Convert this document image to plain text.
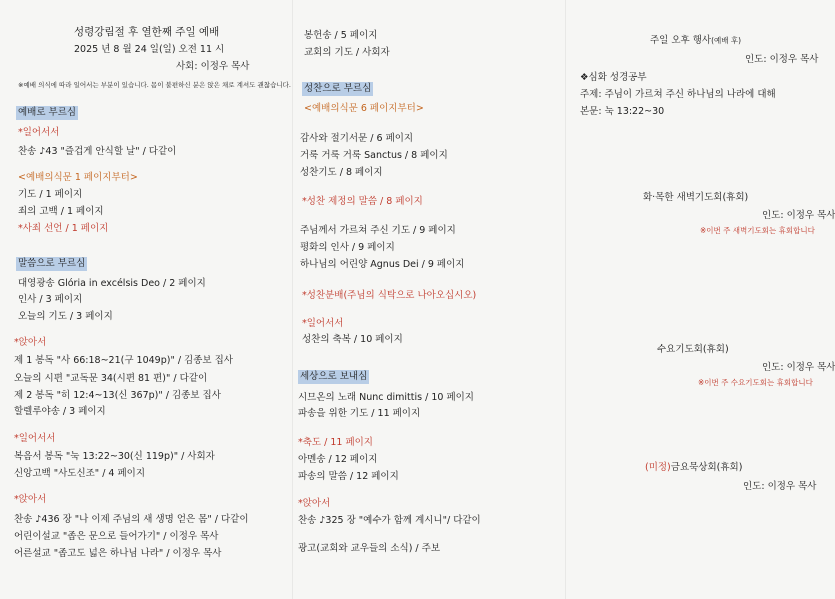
성령강림절 후 열한째 주일 예배
2025 년 8 월 24 일(일) 오전 11 시
사회: 이정우 목사
※예배 의식에 따라 일어서는 부분이 있습니다. 몸이 불편하신 분은 앉은 채로 계셔도 괜찮습니다.
예배로 부르심
*일어서서
찬송 ♪43 "즐겁게 안식할 날" / 다같이
<예배의식문 1 페이지부터>
기도 / 1 페이지
죄의 고백 / 1 페이지
*사죄 선언 / 1 페이지
말씀으로 부르심
대영광송 Glória in excélsis Deo / 2 페이지
인사 / 3 페이지
오늘의 기도 / 3 페이지
*앉아서
제 1 봉독 "사 66:18~21(구 1049p)" / 김종보 집사
오늘의 시편 "교독문 34(시편 81 편)" / 다같이
제 2 봉독 "히 12:4~13(신 367p)" / 김종보 집사
할렐루야송 / 3 페이지
*일어서서
복음서 봉독 "눅 13:22~30(신 119p)" / 사회자
신앙고백 "사도신조" / 4 페이지
*앉아서
찬송 ♪436 장 "나 이제 주님의 새 생명 얻은 몸" / 다같이
어린이설교 "좁은 문으로 들어가기" / 이정우 목사
어른설교 "좁고도 넓은 하나님 나라" / 이정우 목사
봉헌송 / 5 페이지
교회의 기도 / 사회자
성찬으로 부르심
<예배의식문 6 페이지부터>
감사와 절기서문 / 6 페이지
거룩 거룩 거룩 Sanctus / 8 페이지
성찬기도 / 8 페이지
*성찬 제정의 말씀 / 8 페이지
주님께서 가르쳐 주신 기도 / 9 페이지
평화의 인사 / 9 페이지
하나님의 어린양 Agnus Dei / 9 페이지
*성찬분배(주님의 식탁으로 나아오십시오)
*일어서서
성찬의 축복 / 10 페이지
세상으로 보내심
시므온의 노래 Nunc dimittis / 10 페이지
파송을 위한 기도 / 11 페이지
*축도 / 11 페이지
아멘송 / 12 페이지
파송의 말씀 / 12 페이지
*앉아서
찬송 ♪325 장 "예수가 함께 계시니"/ 다같이
광고(교회와 교우들의 소식) / 주보
주일 오후 행사(예배 후)
인도: 이정우 목사
❖심화 성경공부
주제: 주님이 가르쳐 주신 하나님의 나라에 대해
본문: 눅 13:22~30
화·목한 새벽기도회(휴회)
인도: 이정우 목사
※이번 주 새벽기도회는 휴회합니다
수요기도회(휴회)
인도: 이정우 목사
※이번 주 수요기도회는 휴회합니다
(미정)금요묵상회(휴회)
인도: 이정우 목사
